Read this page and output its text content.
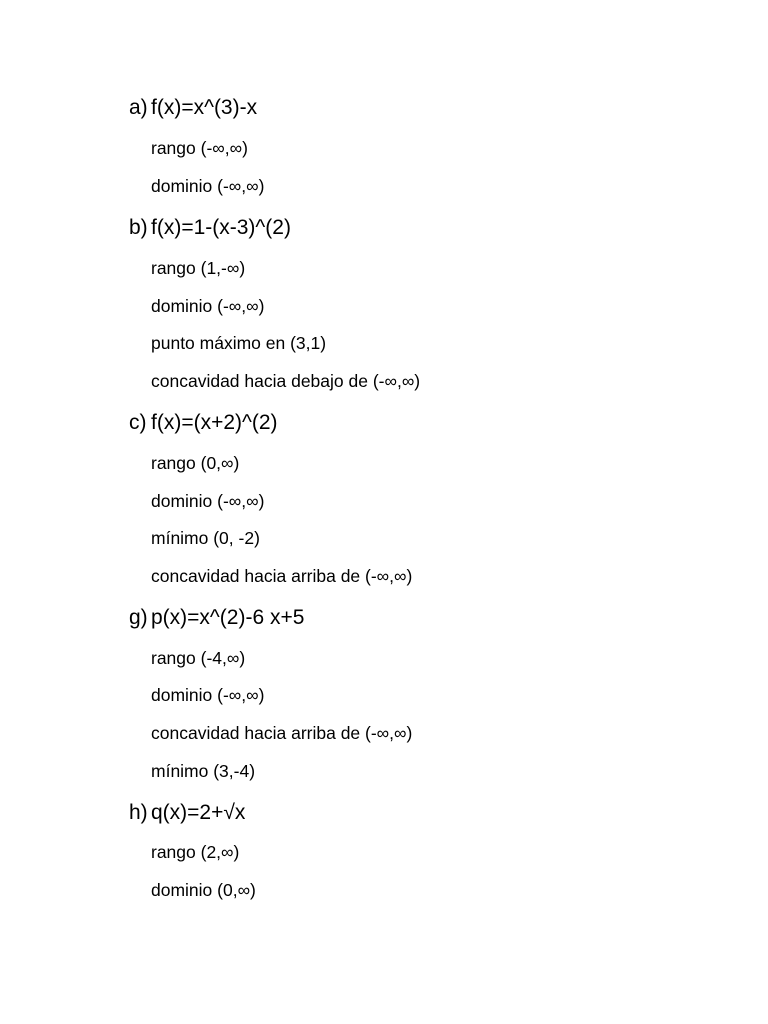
a) f(x)=x^(3)-x
rango (-∞,∞)
dominio (-∞,∞)
b) f(x)=1-(x-3)^(2)
rango (1,-∞)
dominio (-∞,∞)
punto máximo en (3,1)
concavidad hacia debajo de (-∞,∞)
c) f(x)=(x+2)^(2)
rango (0,∞)
dominio (-∞,∞)
mínimo (0, -2)
concavidad hacia arriba de (-∞,∞)
g) p(x)=x^(2)-6 x+5
rango (-4,∞)
dominio (-∞,∞)
concavidad hacia arriba de (-∞,∞)
mínimo (3,-4)
h) q(x)=2+√x
rango (2,∞)
dominio (0,∞)
